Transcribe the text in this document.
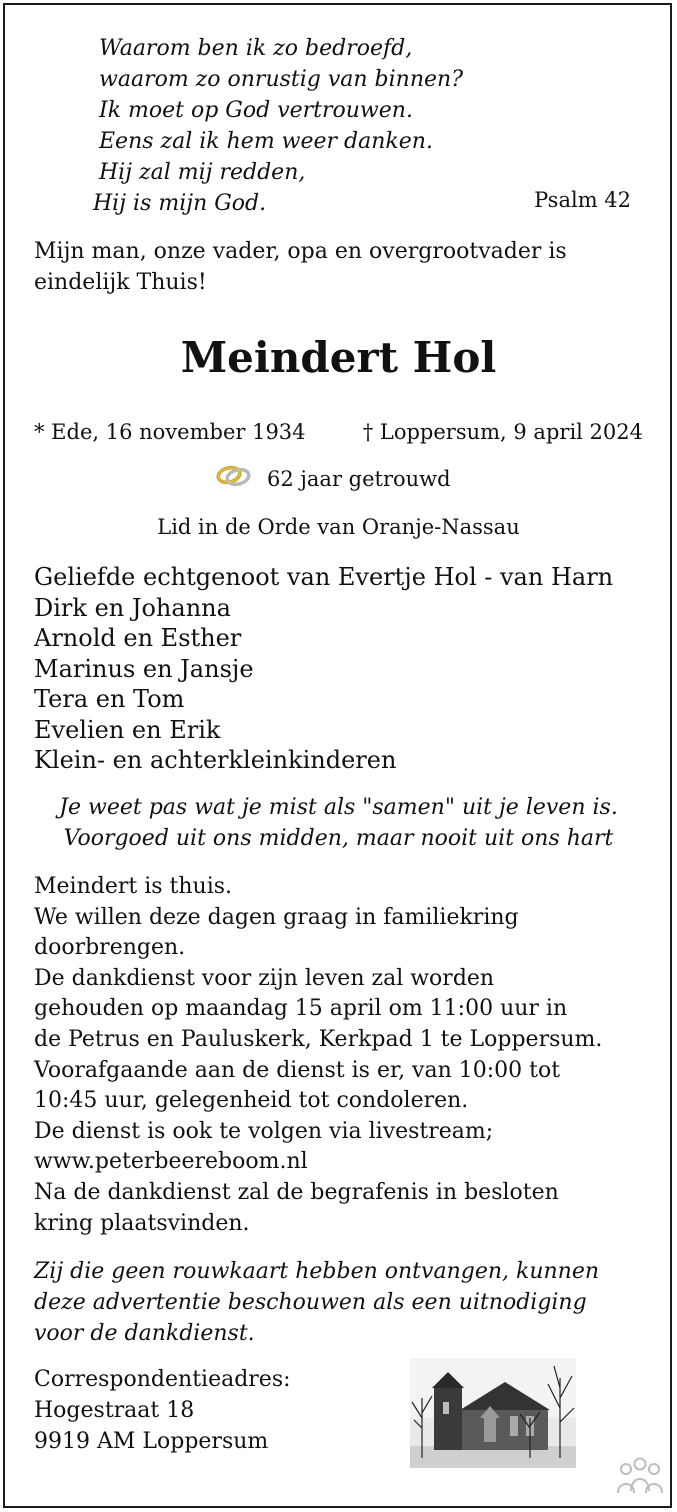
Waarom ben ik zo bedroefd,
waarom zo onrustig van binnen?
Ik moet op God vertrouwen.
Eens zal ik hem weer danken.
Hij zal mij redden,
Hij is mijn God.	Psalm 42
Mijn man, onze vader, opa en overgrootvader is
eindelijk Thuis!
Meindert Hol
* Ede, 16 november 1934	† Loppersum, 9 april 2024
62 jaar getrouwd
Lid in de Orde van Oranje-Nassau
Geliefde echtgenoot van Evertje Hol - van Harn
Dirk en Johanna
Arnold en Esther
Marinus en Jansje
Tera en Tom
Evelien en Erik
Klein- en achterkleinkinderen
Je weet pas wat je mist als "samen" uit je leven is.
Voorgoed uit ons midden, maar nooit uit ons hart
Meindert is thuis.
We willen deze dagen graag in familiekring
doorbrengen.
De dankdienst voor zijn leven zal worden
gehouden op maandag 15 april om 11:00 uur in
de Petrus en Pauluskerk, Kerkpad 1 te Loppersum.
Voorafgaande aan de dienst is er, van 10:00 tot
10:45 uur, gelegenheid tot condoleren.
De dienst is ook te volgen via livestream;
www.peterbeereboom.nl
Na de dankdienst zal de begrafenis in besloten
kring plaatsvinden.
Zij die geen rouwkaart hebben ontvangen, kunnen
deze advertentie beschouwen als een uitnodiging
voor de dankdienst.
Correspondentieadres:
Hogestraat 18
9919 AM Loppersum
